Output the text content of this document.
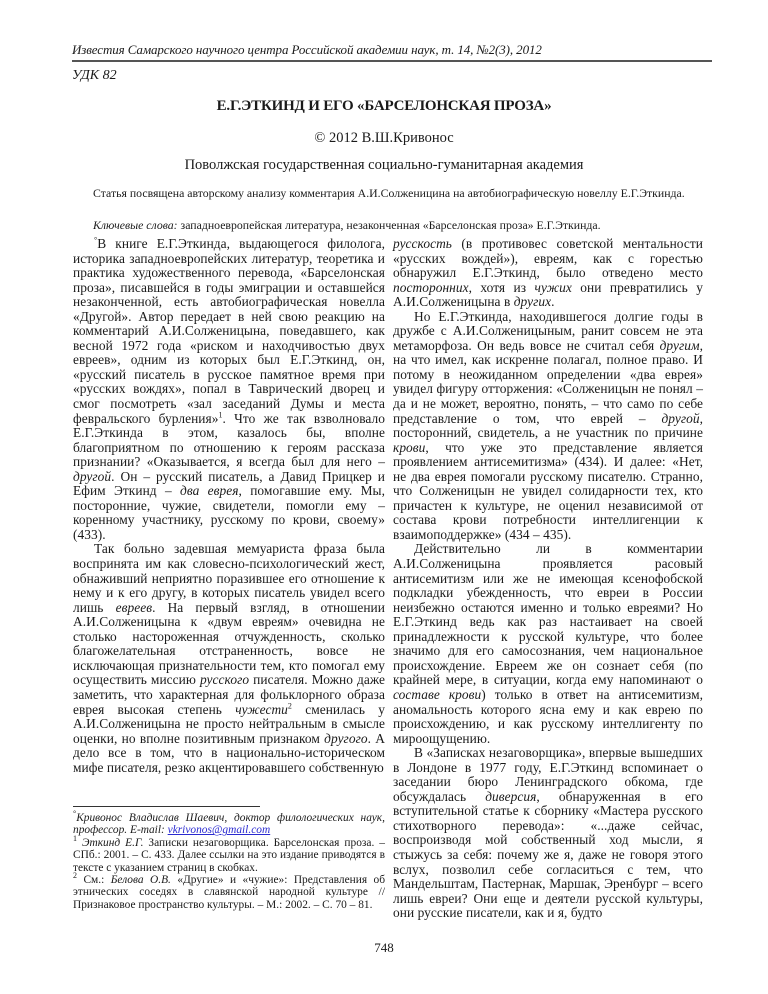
Известия Самарского научного центра Российской академии наук, т. 14, №2(3), 2012
УДК 82
Е.Г.ЭТКИНД И ЕГО «БАРСЕЛОНСКАЯ ПРОЗА»
© 2012 В.Ш.Кривонос
Поволжская государственная социально-гуманитарная академия
Статья посвящена авторскому анализу комментария А.И.Солженицина на автобиографическую новеллу Е.Г.Эткинда.
Ключевые слова: западноевропейская литература, незаконченная «Барселонская проза» Е.Г.Эткинда.

°В книге Е.Г.Эткинда, выдающегося филолога, историка западноевропейских литератур, теоретика и практика художественного перевода, «Барселонская проза», писавшейся в годы эмиграции и оставшейся незаконченной, есть автобиографическая новелла «Другой». Автор передает в ней свою реакцию на комментарий А.И.Солженицына, поведавшего, как весной 1972 года «риском и находчивостью двух евреев», одним из которых был Е.Г.Эткинд, он, «русский писатель в русское памятное время при «русских вождях», попал в Таврический дворец и смог посмотреть «зал заседаний Думы и места февральского бурления»$^1$. Что же так взволновало Е.Г.Эткинда в этом, казалось бы, вполне благоприятном по отношению к героям рассказа признании? «Оказывается, я всегда был для него – другой. Он – русский писатель, а Давид Прицкер и Ефим Эткинд – два еврея, помогавшие ему. Мы, посторонние, чужие, свидетели, помогли ему – коренному участнику, русскому по крови, своему» (433).

Так больно задевшая мемуариста фраза была воспринята им как словесно-психологический жест, обнаживший неприятно поразившее его отношение к нему и к его другу, в которых писатель увидел всего лишь евреев. На первый взгляд, в отношении А.И.Солженицына к «двум евреям» очевидна не столько настороженная отчужденность, сколько благожелательная отстраненность, вовсе не исключающая признательности тем, кто помогал ему осуществить миссию русского писателя. Можно даже заметить, что характерная для фольклорного образа еврея высокая степень чужести$^2$ сменилась у А.И.Солженицына не просто нейтральным в смысле оценки, но вполне позитивным признаком другого. А дело все в том, что в национально-историческом мифе писателя, резко акцентировавшего собственную

русскость (в противовес советской ментальности «русских вождей»), евреям, как с горестью обнаружил Е.Г.Эткинд, было отведено место посторонних, хотя из чужих они превратились у А.И.Солженицына в других.

Но Е.Г.Эткинда, находившегося долгие годы в дружбе с А.И.Солженицыным, ранит совсем не эта метаморфоза. Он ведь вовсе не считал себя другим, на что имел, как искренне полагал, полное право. И потому в неожиданном определении «два еврея» увидел фигуру отторжения: «Солженицын не понял – да и не может, вероятно, понять, – что само по себе представление о том, что еврей – другой, посторонний, свидетель, а не участник по причине крови, что уже это представление является проявлением антисемитизма» (434). И далее: «Нет, не два еврея помогали русскому писателю. Странно, что Солженицын не увидел солидарности тех, кто причастен к культуре, не оценил независимой от состава крови потребности интеллигенции к взаимоподдержке» (434 – 435).

Действительно ли в комментарии А.И.Солженицына проявляется расовый антисемитизм или же не имеющая ксенофобской подкладки убежденность, что евреи в России неизбежно остаются именно и только евреями? Но Е.Г.Эткинд ведь как раз настаивает на своей принадлежности к русской культуре, что более значимо для его самосознания, чем национальное происхождение. Евреем же он сознает себя (по крайней мере, в ситуации, когда ему напоминают о составе крови) только в ответ на антисемитизм, аномальность которого ясна ему и как еврею по происхождению, и как русскому интеллигенту по мироощущению.

В «Записках незаговорщика», впервые вышедших в Лондоне в 1977 году, Е.Г.Эткинд вспоминает о заседании бюро Ленинградского обкома, где обсуждалась диверсия, обнаруженная в его вступительной статье к сборнику «Мастера русского стихотворного перевода»: «...даже сейчас, воспроизводя мой собственный ход мысли, я стыжусь за себя: почему же я, даже не говоря этого вслух, позволил себе согласиться с тем, что Мандельштам, Пастернак, Маршак, Эренбург – всего лишь евреи? Они еще и деятели русской культуры, они русские писатели, как и я, будто

°Кривонос Владислав Шаевич, доктор филологических наук, профессор. E-mail: vkrivonos@gmail.com

$^1$ Эткинд Е.Г. Записки незаговорщика. Барселонская проза. – СПб.: 2001. – С. 433. Далее ссылки на это издание приводятся в тексте с указанием страниц в скобках.

$^2$ См.: Белова О.В. «Другие» и «чужие»: Представления об этнических соседях в славянской народной культуре // Признаковое пространство культуры. – М.: 2002. – С. 70 – 81.

748
